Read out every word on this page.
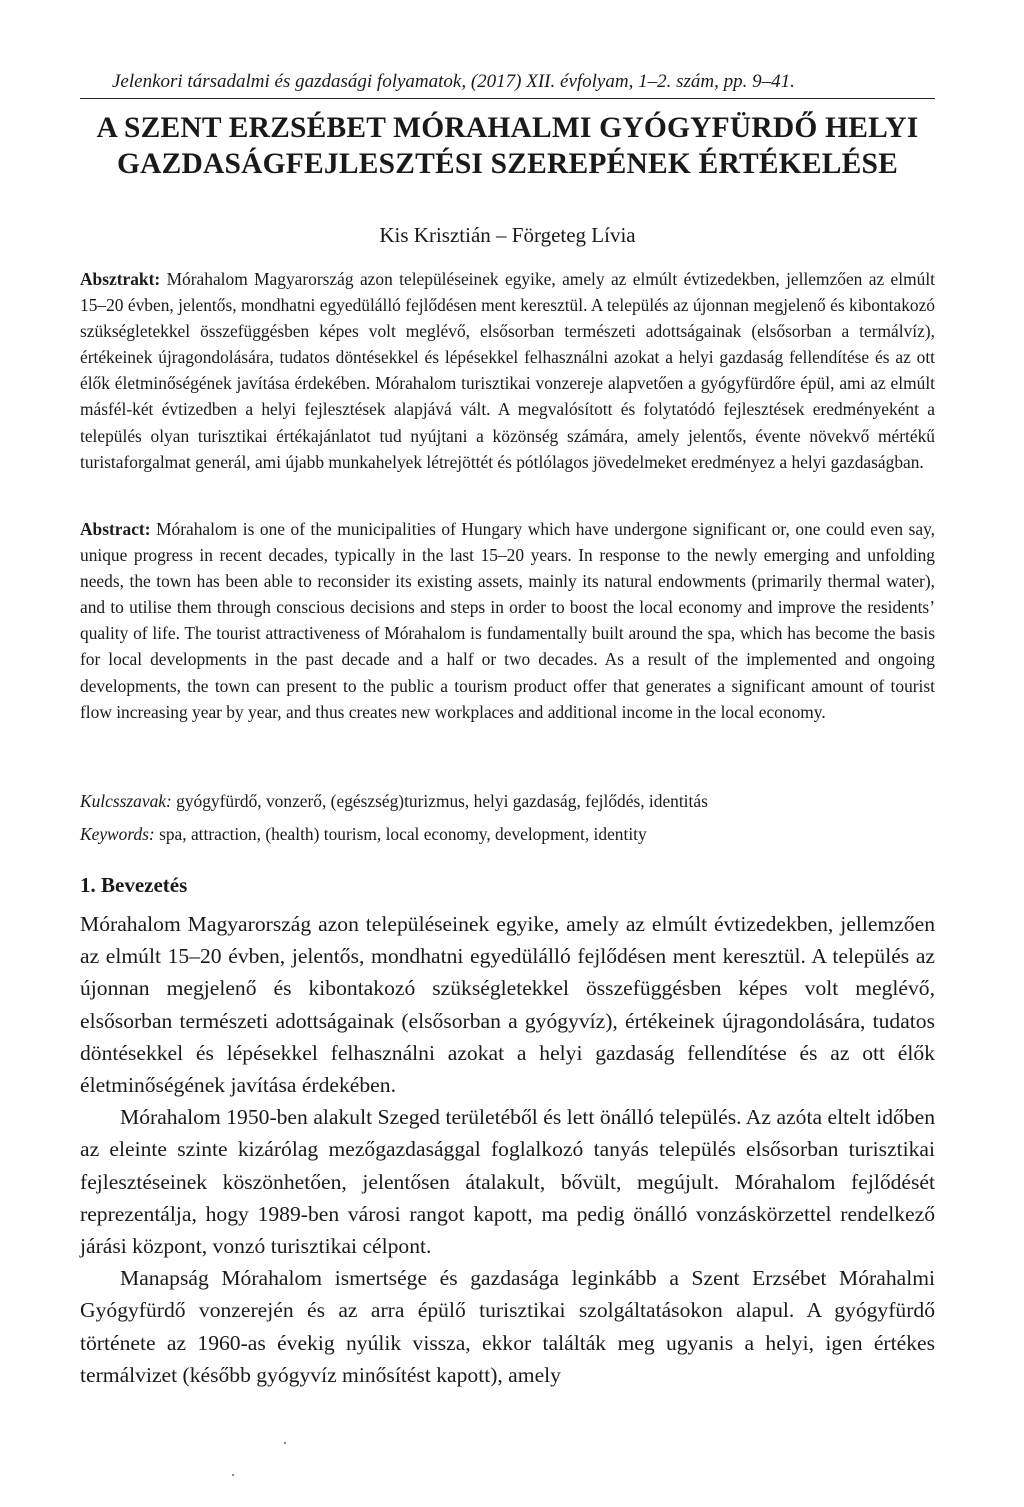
Jelenkori társadalmi és gazdasági folyamatok, (2017) XII. évfolyam, 1–2. szám, pp. 9–41.
A SZENT ERZSÉBET MÓRAHALMI GYÓGYFÜRDŐ HELYI
GAZDASÁGFEJLESZTÉSI SZEREPÉNEK ÉRTÉKELÉSE
Kis Krisztián – Förgeteg Lívia
Absztrakt: Mórahalom Magyarország azon településeinek egyike, amely az elmúlt évtizedekben, jellemzően az elmúlt 15–20 évben, jelentős, mondhatni egyedülálló fejlődésen ment keresztül. A település az újonnan megjelenő és kibontakozó szükségletekkel összefüggésben képes volt meglévő, elsősorban természeti adottságainak (elsősorban a termálvíz), értékeinek újragondolására, tudatos döntésekkel és lépésekkel felhasználni azokat a helyi gazdaság fellendítése és az ott élők életminőségének javítása érdekében. Mórahalom turisztikai vonzereje alapvetően a gyógyfürdőre épül, ami az elmúlt másfél-két évtizedben a helyi fejlesztések alapjává vált. A megvalósított és folytatódó fejlesztések eredményeként a település olyan turisztikai értékajánlatot tud nyújtani a közönség számára, amely jelentős, évente növekvő mértékű turistaforgalmat generál, ami újabb munkahelyek létrejöttét és pótlólagos jövedelmeket eredményez a helyi gazdaságban.
Abstract: Mórahalom is one of the municipalities of Hungary which have undergone significant or, one could even say, unique progress in recent decades, typically in the last 15–20 years. In response to the newly emerging and unfolding needs, the town has been able to reconsider its existing assets, mainly its natural endowments (primarily thermal water), and to utilise them through conscious decisions and steps in order to boost the local economy and improve the residents’ quality of life. The tourist attractiveness of Mórahalom is fundamentally built around the spa, which has become the basis for local developments in the past decade and a half or two decades. As a result of the implemented and ongoing developments, the town can present to the public a tourism product offer that generates a significant amount of tourist flow increasing year by year, and thus creates new workplaces and additional income in the local economy.
Kulcsszavak: gyógyfürdő, vonzerő, (egészség)turizmus, helyi gazdaság, fejlődés, identitás
Keywords: spa, attraction, (health) tourism, local economy, development, identity
1. Bevezetés

Mórahalom Magyarország azon településeinek egyike, amely az elmúlt évtizedekben, jellemzően az elmúlt 15–20 évben, jelentős, mondhatni egyedülálló fejlődésen ment keresztül. A település az újonnan megjelenő és kibontakozó szükségletekkel összefüggésben képes volt meglévő, elsősorban természeti adottságainak (elsősorban a gyógyvíz), értékeinek újragondolására, tudatos döntésekkel és lépésekkel felhasználni azokat a helyi gazdaság fellendítése és az ott élők életminőségének javítása érdekében.

Mórahalom 1950-ben alakult Szeged területéből és lett önálló település. Az azóta eltelt időben az eleinte szinte kizárólag mezőgazdasággal foglalkozó tanyás település elsősorban turisztikai fejlesztéseinek köszönhetően, jelentősen átalakult, bővült, megújult. Mórahalom fejlődését reprezentálja, hogy 1989-ben városi rangot kapott, ma pedig önálló vonzáskörzettel rendelkező járási központ, vonzó turisztikai célpont.

Manapság Mórahalom ismertsége és gazdasága leginkább a Szent Erzsébet Mórahalmi Gyógyfürdő vonzerején és az arra épülő turisztikai szolgáltatásokon alapul. A gyógyfürdő története az 1960-as évekig nyúlik vissza, ekkor találták meg ugyanis a helyi, igen értékes termálvizet (később gyógyvíz minősítést kapott), amely
